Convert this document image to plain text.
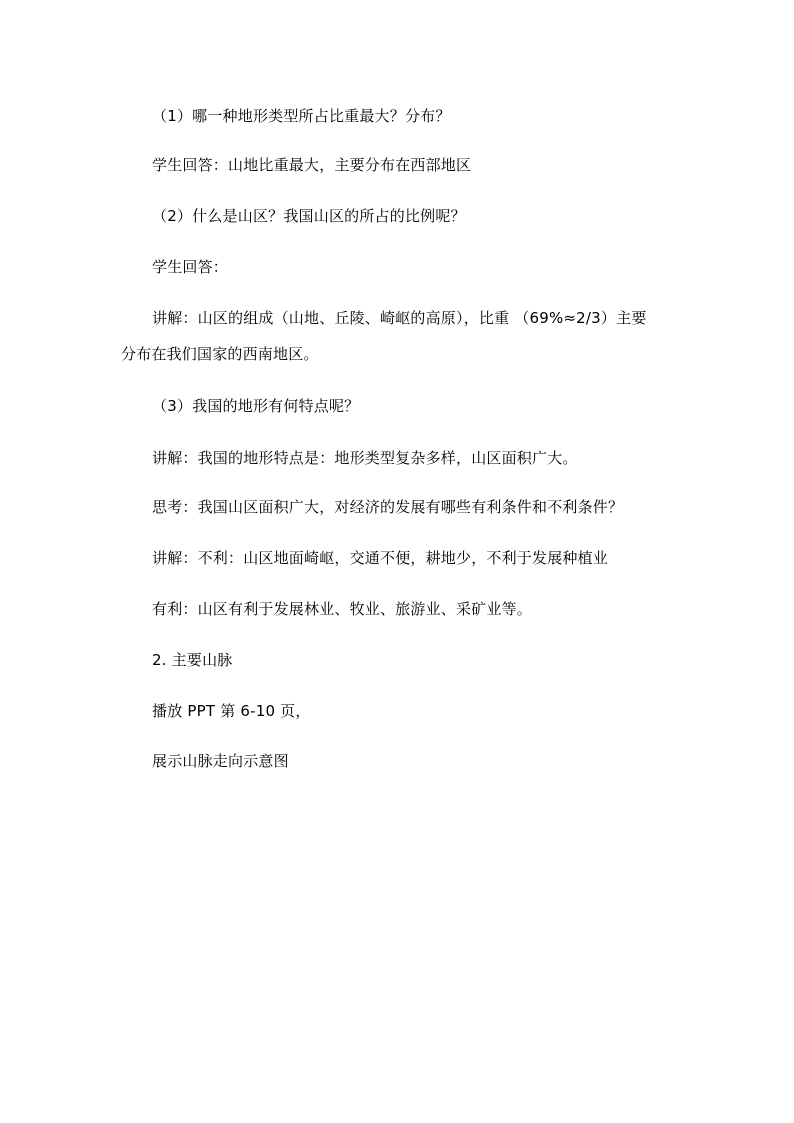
（1）哪一种地形类型所占比重最大？分布？
学生回答：山地比重最大，主要分布在西部地区
（2）什么是山区？我国山区的所占的比例呢？
学生回答：
讲解：山区的组成（山地、丘陵、崎岖的高原），比重 （69%≈2/3）主要
分布在我们国家的西南地区。
（3）我国的地形有何特点呢？
讲解：我国的地形特点是：地形类型复杂多样，山区面积广大。
思考：我国山区面积广大，对经济的发展有哪些有利条件和不利条件？
讲解：不利：山区地面崎岖，交通不便，耕地少，不利于发展种植业
有利：山区有利于发展林业、牧业、旅游业、采矿业等。
2. 主要山脉
播放 PPT 第 6-10 页，
展示山脉走向示意图
